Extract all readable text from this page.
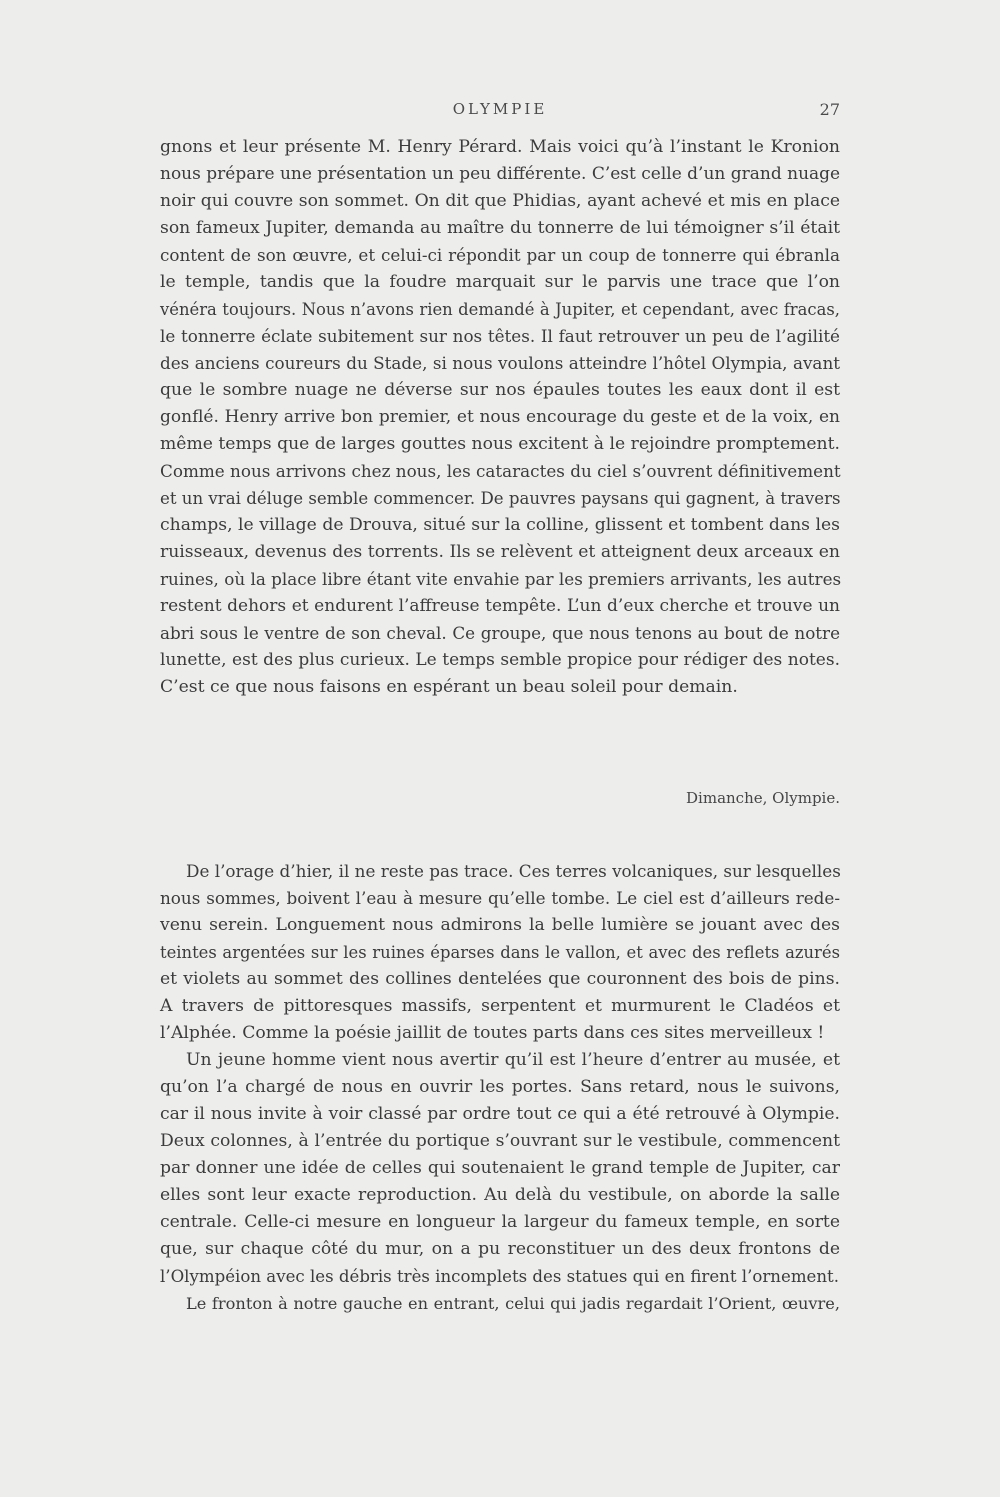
OLYMPIE	27

gnons et leur présente M. Henry Pérard. Mais voici qu’à l’instant le Kronion

nous prépare une présentation un peu différente. C’est celle d’un grand nuage

noir qui couvre son sommet. On dit que Phidias, ayant achevé et mis en place

son fameux Jupiter, demanda au maître du tonnerre de lui témoigner s’il était

content de son œuvre, et celui-ci répondit par un coup de tonnerre qui ébranla

le temple, tandis que la foudre marquait sur le parvis une trace que l’on

vénéra toujours. Nous n’avons rien demandé à Jupiter, et cependant, avec fracas,

le tonnerre éclate subitement sur nos têtes. Il faut retrouver un peu de l’agilité

des anciens coureurs du Stade, si nous voulons atteindre l’hôtel Olympia, avant

que le sombre nuage ne déverse sur nos épaules toutes les eaux dont il est

gonflé. Henry arrive bon premier, et nous encourage du geste et de la voix, en

même temps que de larges gouttes nous excitent à le rejoindre promptement.

Comme nous arrivons chez nous, les cataractes du ciel s’ouvrent définitivement

et un vrai déluge semble commencer. De pauvres paysans qui gagnent, à travers

champs, le village de Drouva, situé sur la colline, glissent et tombent dans les

ruisseaux, devenus des torrents. Ils se relèvent et atteignent deux arceaux en

ruines, où la place libre étant vite envahie par les premiers arrivants, les autres

restent dehors et endurent l’affreuse tempête. L’un d’eux cherche et trouve un

abri sous le ventre de son cheval. Ce groupe, que nous tenons au bout de notre

lunette, est des plus curieux. Le temps semble propice pour rédiger des notes.

C’est ce que nous faisons en espérant un beau soleil pour demain.

Dimanche, Olympie.

De l’orage d’hier, il ne reste pas trace. Ces terres volcaniques, sur lesquelles

nous sommes, boivent l’eau à mesure qu’elle tombe. Le ciel est d’ailleurs rede-

venu serein. Longuement nous admirons la belle lumière se jouant avec des

teintes argentées sur les ruines éparses dans le vallon, et avec des reflets azurés

et violets au sommet des collines dentelées que couronnent des bois de pins.

A travers de pittoresques massifs, serpentent et murmurent le Cladéos et

l’Alphée. Comme la poésie jaillit de toutes parts dans ces sites merveilleux !

Un jeune homme vient nous avertir qu’il est l’heure d’entrer au musée, et

qu’on l’a chargé de nous en ouvrir les portes. Sans retard, nous le suivons,

car il nous invite à voir classé par ordre tout ce qui a été retrouvé à Olympie.

Deux colonnes, à l’entrée du portique s’ouvrant sur le vestibule, commencent

par donner une idée de celles qui soutenaient le grand temple de Jupiter, car

elles sont leur exacte reproduction. Au delà du vestibule, on aborde la salle

centrale. Celle-ci mesure en longueur la largeur du fameux temple, en sorte

que, sur chaque côté du mur, on a pu reconstituer un des deux frontons de

l’Olympéion avec les débris très incomplets des statues qui en firent l’ornement.

Le fronton à notre gauche en entrant, celui qui jadis regardait l’Orient, œuvre,
